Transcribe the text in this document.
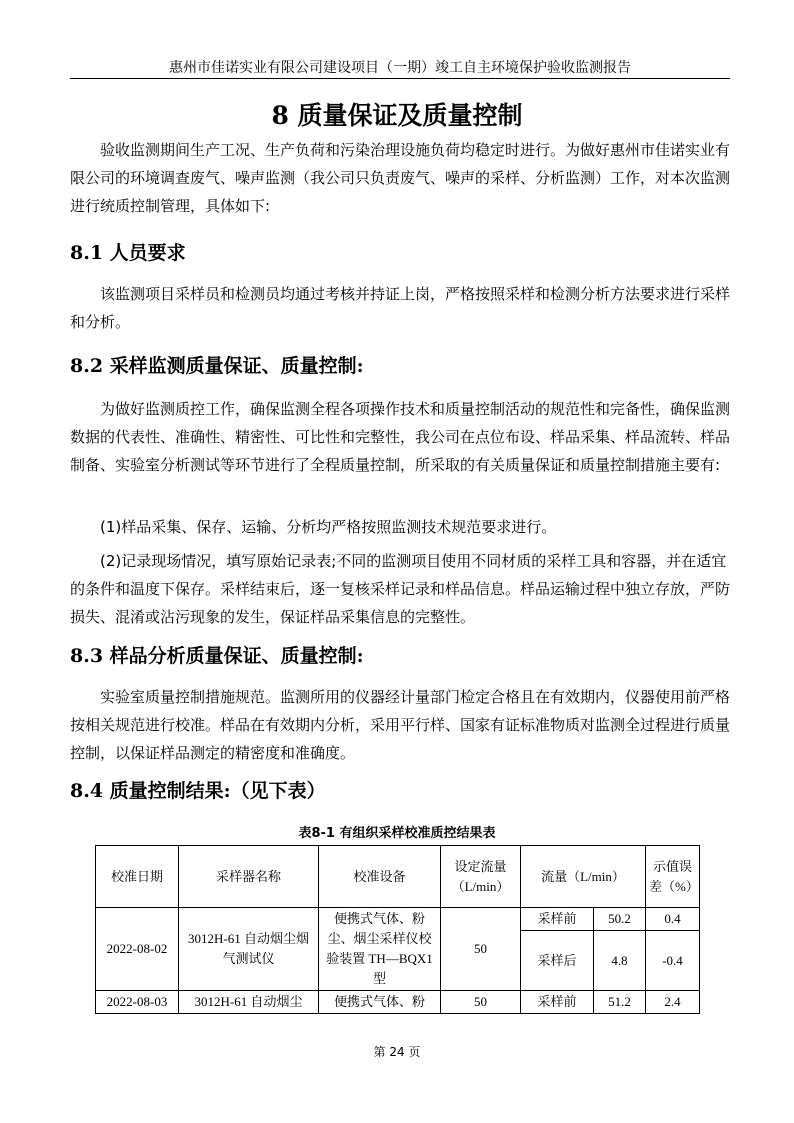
惠州市佳诺实业有限公司建设项目（一期）竣工自主环境保护验收监测报告
8 质量保证及质量控制
验收监测期间生产工况、生产负荷和污染治理设施负荷均稳定时进行。为做好惠州市佳诺实业有限公司的环境调查废气、噪声监测（我公司只负责废气、噪声的采样、分析监测）工作，对本次监测进行统质控制管理，具体如下:
8.1 人员要求
该监测项目采样员和检测员均通过考核并持证上岗，严格按照采样和检测分析方法要求进行采样和分析。
8.2 采样监测质量保证、质量控制:
为做好监测质控工作，确保监测全程各项操作技术和质量控制活动的规范性和完备性，确保监测数据的代表性、准确性、精密性、可比性和完整性，我公司在点位布设、样品采集、样品流转、样品制备、实验室分析测试等环节进行了全程质量控制，所采取的有关质量保证和质量控制措施主要有:
(1)样品采集、保存、运输、分析均严格按照监测技术规范要求进行。
(2)记录现场情况，填写原始记录表;不同的监测项目使用不同材质的采样工具和容器，并在适宜的条件和温度下保存。采样结束后，逐一复核采样记录和样品信息。样品运输过程中独立存放，严防损失、混淆或沾污现象的发生，保证样品采集信息的完整性。
8.3 样品分析质量保证、质量控制:
实验室质量控制措施规范。监测所用的仪器经计量部门检定合格且在有效期内，仪器使用前严格按相关规范进行校准。样品在有效期内分析，采用平行样、国家有证标准物质对监测全过程进行质量控制，以保证样品测定的精密度和准确度。
8.4 质量控制结果:（见下表）
表8-1 有组织采样校准质控结果表
校准日期	采样器名称	校准设备	设定流量（L/min）	流量（L/min）		示值误差（%）
2022-08-02	3012H-61 自动烟尘烟气测试仪	便携式气体、粉尘、烟尘采样仪校验装置 TH—BQX1 型	50	采样前	50.2	0.4
				采样后	4.8	-0.4
2022-08-03	3012H-61 自动烟尘	便携式气体、粉	50	采样前	51.2	2.4
第 24 页
